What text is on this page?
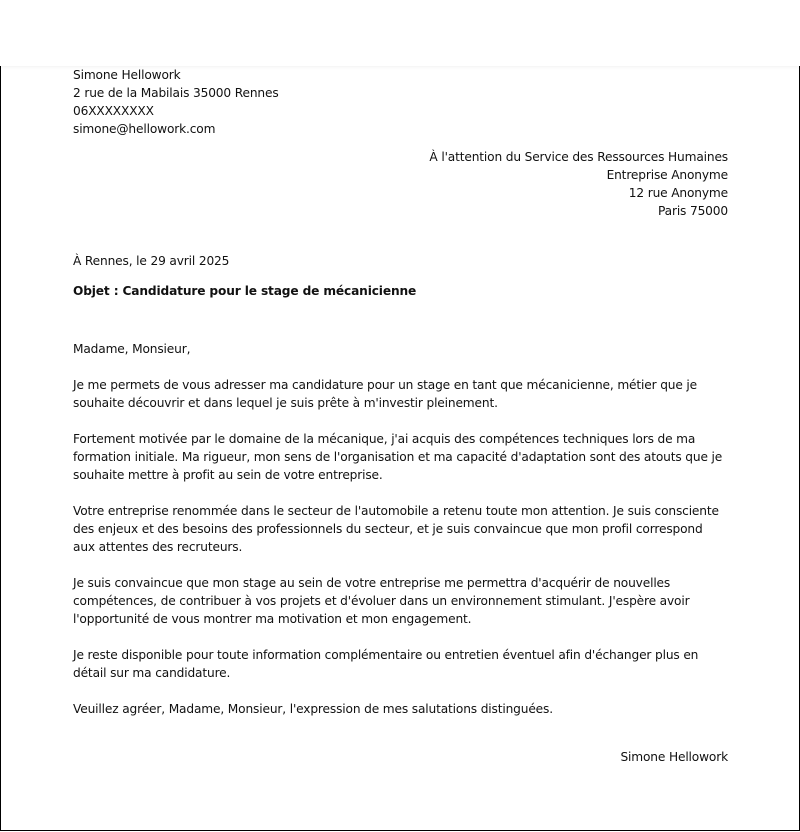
Simone Hellowork
2 rue de la Mabilais 35000 Rennes
06XXXXXXXX
simone@hellowork.com
À l'attention du Service des Ressources Humaines
Entreprise Anonyme
12 rue Anonyme
Paris 75000
À Rennes, le 29 avril 2025
Objet : Candidature pour le stage de mécanicienne

Madame, Monsieur,

Je me permets de vous adresser ma candidature pour un stage en tant que mécanicienne, métier que je souhaite découvrir et dans lequel je suis prête à m'investir pleinement.

Fortement motivée par le domaine de la mécanique, j'ai acquis des compétences techniques lors de ma formation initiale. Ma rigueur, mon sens de l'organisation et ma capacité d'adaptation sont des atouts que je souhaite mettre à profit au sein de votre entreprise.

Votre entreprise renommée dans le secteur de l'automobile a retenu toute mon attention. Je suis consciente des enjeux et des besoins des professionnels du secteur, et je suis convaincue que mon profil correspond aux attentes des recruteurs.

Je suis convaincue que mon stage au sein de votre entreprise me permettra d'acquérir de nouvelles compétences, de contribuer à vos projets et d'évoluer dans un environnement stimulant. J'espère avoir l'opportunité de vous montrer ma motivation et mon engagement.

Je reste disponible pour toute information complémentaire ou entretien éventuel afin d'échanger plus en détail sur ma candidature.

Veuillez agréer, Madame, Monsieur, l'expression de mes salutations distinguées.

Simone Hellowork
